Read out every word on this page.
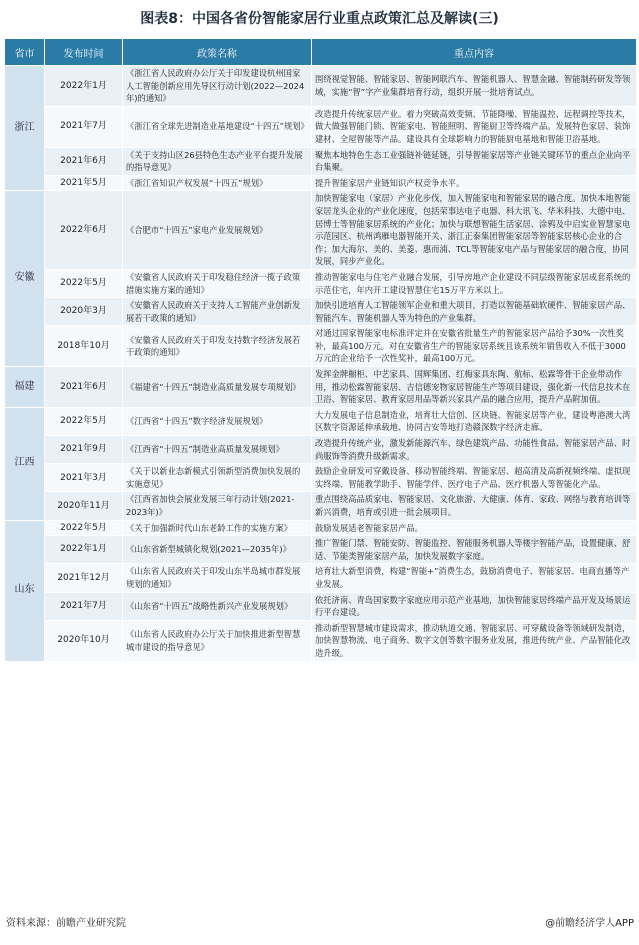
图表8：中国各省份智能家居行业重点政策汇总及解读(三)
省市	发布时间	政策名称	重点内容
浙江	2022年1月	《浙江省人民政府办公厅关于印发建设杭州国家人工智能创新应用先导区行动计划(2022—2024年)的通知》	围绕视觉智能、智能家居、智能网联汽车、智能机器人、智慧金融、智能制药研发等领域，实施“智”字产业集群培育行动，组织开展一批培育试点。
	2021年7月	《浙江省全球先进制造业基地建设“十四五”规划》	改造提升传统家居产业。着力突破高效变频、节能降噪、智能温控、远程调控等技术，做大做强智能门锁、智能家电、智能照明、智能厨卫等终端产品。发展特色家居、装饰建材、全屋智能等产品。建设具有全球影响力的智能厨电基地和智能卫浴基地。
	2021年6月	《关于支持山区26县特色生态产业平台提升发展的指导意见》	聚焦本地特色生态工业强链补链延链，引导智能家居等产业链关键环节的重点企业向平台集聚。
	2021年5月	《浙江省知识产权发展“十四五”规划》	提升智能家居产业链知识产权竞争水平。
安徽	2022年6月	《合肥市“十四五”家电产业发展规划》	加快智能家电（家居）产业化步伐，加入智能家电和智能家居的融合度。加快本地智能家居龙头企业的产业化速度，包括荣事达电子电器、科大讯飞、华米科技、大德中电、居博士等智能家居系统的产业化；加快与联想智能生活家居、涂鸦及中启实业智慧家电示范园区、杭州鸿雁电器智能开关、浙江正泰集团智能家居等智能家居核心企业的合作；加大海尔、美的、美菱、惠而浦、TCL等智能家电产品与智能家居的融合度，协同发展，同步产业化。
	2022年5月	《安徽省人民政府关于印发稳住经济一揽子政策措施实施方案的通知》	推动智能家电与住宅产业融合发展，引导房地产企业建设不同层级智能家居成套系统的示范住宅，年内开工建设智慧住宅15万平方米以上。
	2020年3月	《安徽省人民政府关于支持人工智能产业创新发展若干政策的通知》	加快引进培育人工智能领军企业和重大项目，打造以智能基础软硬件、智能家居产品、智能汽车、智能机器人等为特色的产业集群。
	2018年10月	《安徽省人民政府关于印发支持数字经济发展若干政策的通知》	对通过国家智能家电标准评定并在安徽省批量生产的智能家居产品给予30%一次性奖补，最高100万元。对在安徽省生产的智能家居系统且该系统年销售收入不低于3000万元的企业给予一次性奖补，最高100万元。
福建	2021年6月	《福建省“十四五”制造业高质量发展专项规划》	发挥金牌橱柜、中艺家具、国辉集团、红梅家具东陶、航标、松霖等骨干企业带动作用，推动松霖智能家居、吉信德宠物家居智能生产等项目建设，强化新一代信息技术在卫浴、智能家居、教育家居用品等新兴家具产品的融合应用，提升产品附加值。
江西	2022年5月	《江西省“十四五”数字经济发展规划》	大力发展电子信息制造业，培育壮大信创、区块链、智能家居等产业，建设粤港澳大湾区数字资源延伸承载地、协同吉安等地打造赣深数字经济走廊。
	2021年9月	《江西省“十四五”制造业高质量发展规划》	改造提升传统产业，激发新能源汽车、绿色建筑产品、功能性食品、智能家居产品、时尚服饰等消费升级新需求。
	2021年3月	《关于以新业态新模式引领新型消费加快发展的实施意见》	鼓励企业研发可穿戴设备、移动智能终端、智能家居、超高清及高新视频终端、虚拟现实终端、智能教学助手、智能学伴、医疗电子产品、医疗机器人等智能化产品。
	2020年11月	《江西省加快会展业发展三年行动计划(2021-2023年)》	重点围绕高品质家电、智能家居、文化旅游、大健康、体育、家政、网络与教育培训等新兴消费，培育或引进一批会展项目。
山东	2022年5月	《关于加强新时代山东老龄工作的实施方案》	鼓励发展适老智能家居产品。
	2022年1月	《山东省新型城镇化规划(2021—2035年)》	推广智能门禁、智能安防、智能监控、智能服务机器人等楼宇智能产品，设置健康、舒适、节能类智能家居产品，加快发展数字家庭。
	2021年12月	《山东省人民政府关于印发山东半岛城市群发展规划的通知》	培育壮大新型消费，构建“智能+”消费生态，鼓励消费电子、智能家居、电商直播等产业发展。
	2021年7月	《山东省“十四五”战略性新兴产业发展规划》	依托济南、青岛国家数字家庭应用示范产业基地，加快智能家居终端产品开发及场景运行平台建设。
	2020年10月	《山东省人民政府办公厅关于加快推进新型智慧城市建设的指导意见》	推动新型智慧城市建设需求，推动轨道交通、智能家居、可穿戴设备等领域研发制造，加快智慧物流、电子商务、数字文创等数字服务业发展，推进传统产业、产品智能化改造升级。
资料来源：前瞻产业研究院	@前瞻经济学人APP
